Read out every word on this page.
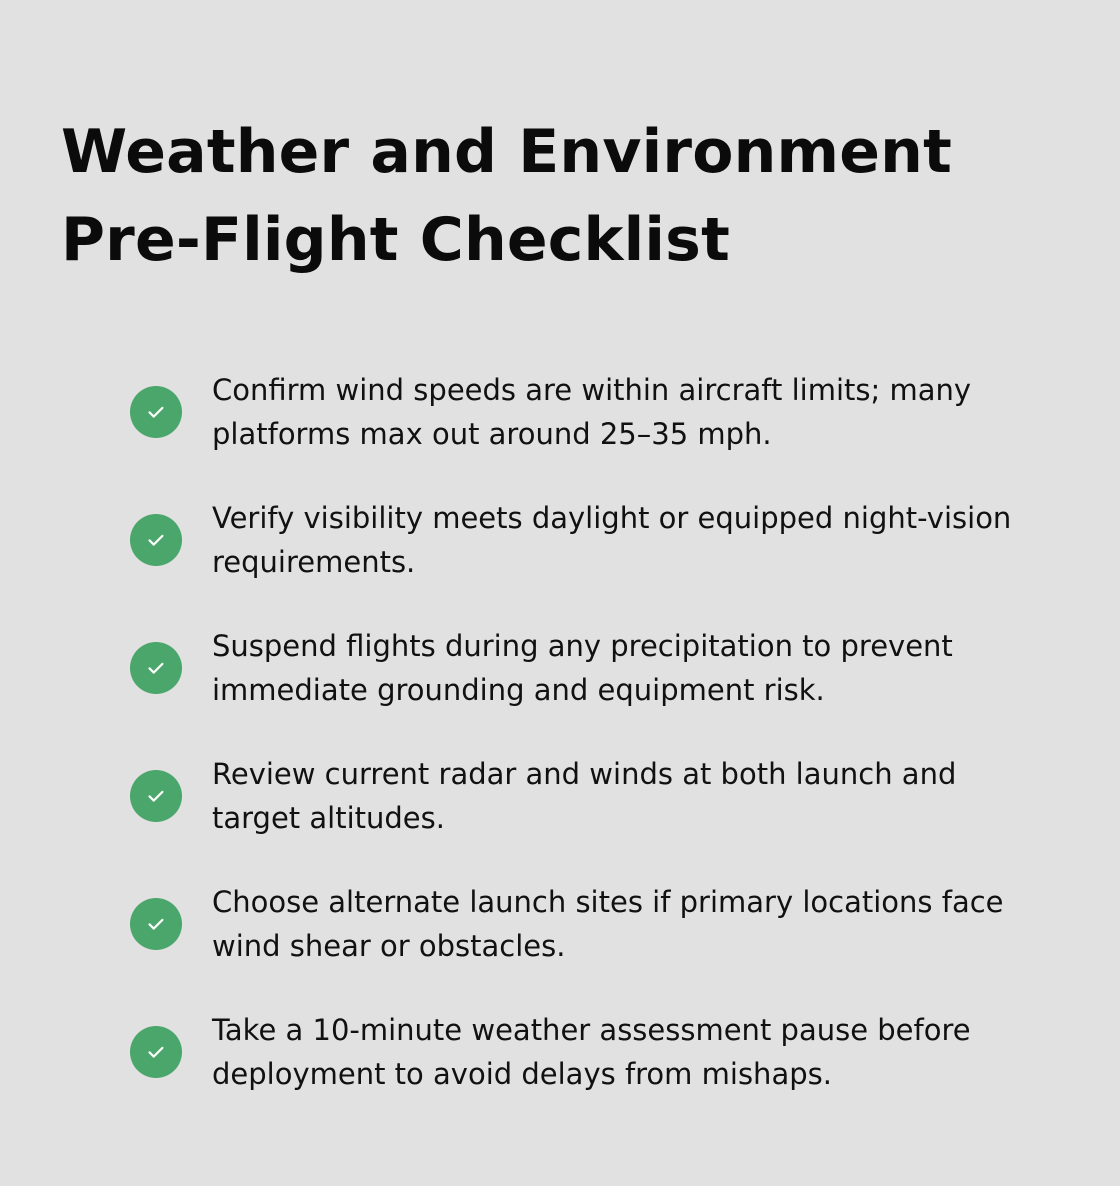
Weather and Environment Pre-Flight Checklist
Confirm wind speeds are within aircraft limits; many platforms max out around 25–35 mph.
Verify visibility meets daylight or equipped night-vision requirements.
Suspend flights during any precipitation to prevent immediate grounding and equipment risk.
Review current radar and winds at both launch and target altitudes.
Choose alternate launch sites if primary locations face wind shear or obstacles.
Take a 10-minute weather assessment pause before deployment to avoid delays from mishaps.
